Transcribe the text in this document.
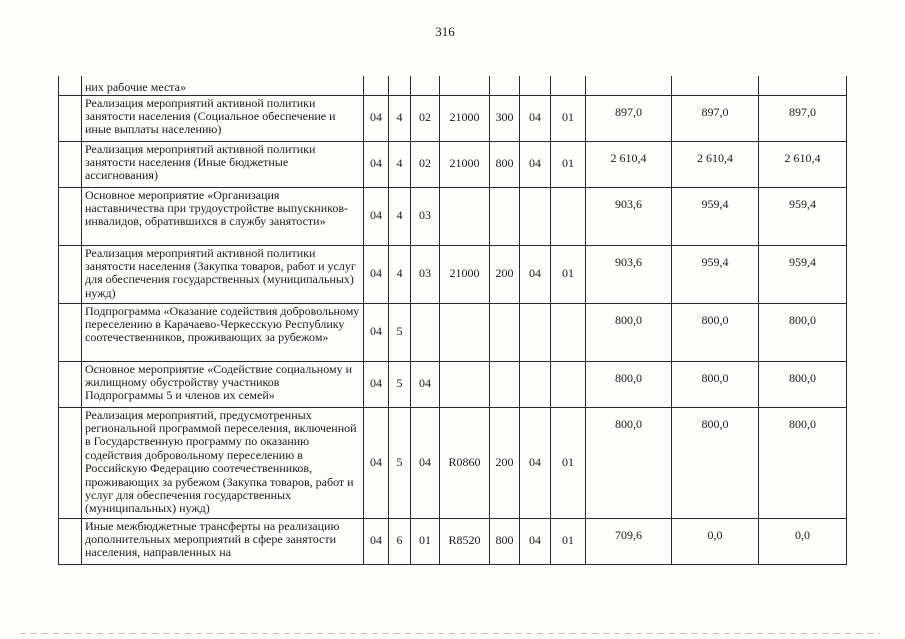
316
	них рабочие места»										
	Реализация мероприятий активной политики занятости населения (Социальное обеспечение и иные выплаты населению)	04	4	02	21000	300	04	01	897,0	897,0	897,0
	Реализация мероприятий активной политики занятости населения (Иные бюджетные ассигнования)	04	4	02	21000	800	04	01	2 610,4	2 610,4	2 610,4
	Основное мероприятие «Организация наставничества при трудоустройстве выпускников-инвалидов, обратившихся в службу занятости»	04	4	03					903,6	959,4	959,4
	Реализация мероприятий активной политики занятости населения (Закупка товаров, работ и услуг для обеспечения государственных (муниципальных) нужд)	04	4	03	21000	200	04	01	903,6	959,4	959,4
	Подпрограмма «Оказание содействия добровольному переселению в Карачаево-Черкесскую Республику соотечественников, проживающих за рубежом»	04	5						800,0	800,0	800,0
	Основное мероприятие «Содействие социальному и жилищному обустройству участников Подпрограммы 5 и членов их семей»	04	5	04					800,0	800,0	800,0
	Реализация мероприятий, предусмотренных региональной программой переселения, включенной в Государственную программу по оказанию содействия добровольному переселению в Российскую Федерацию соотечественников, проживающих за рубежом (Закупка товаров, работ и услуг для обеспечения государственных (муниципальных) нужд)	04	5	04	R0860	200	04	01	800,0	800,0	800,0
	Иные межбюджетные трансферты на реализацию дополнительных мероприятий в сфере занятости населения, направленных на	04	6	01	R8520	800	04	01	709,6	0,0	0,0
